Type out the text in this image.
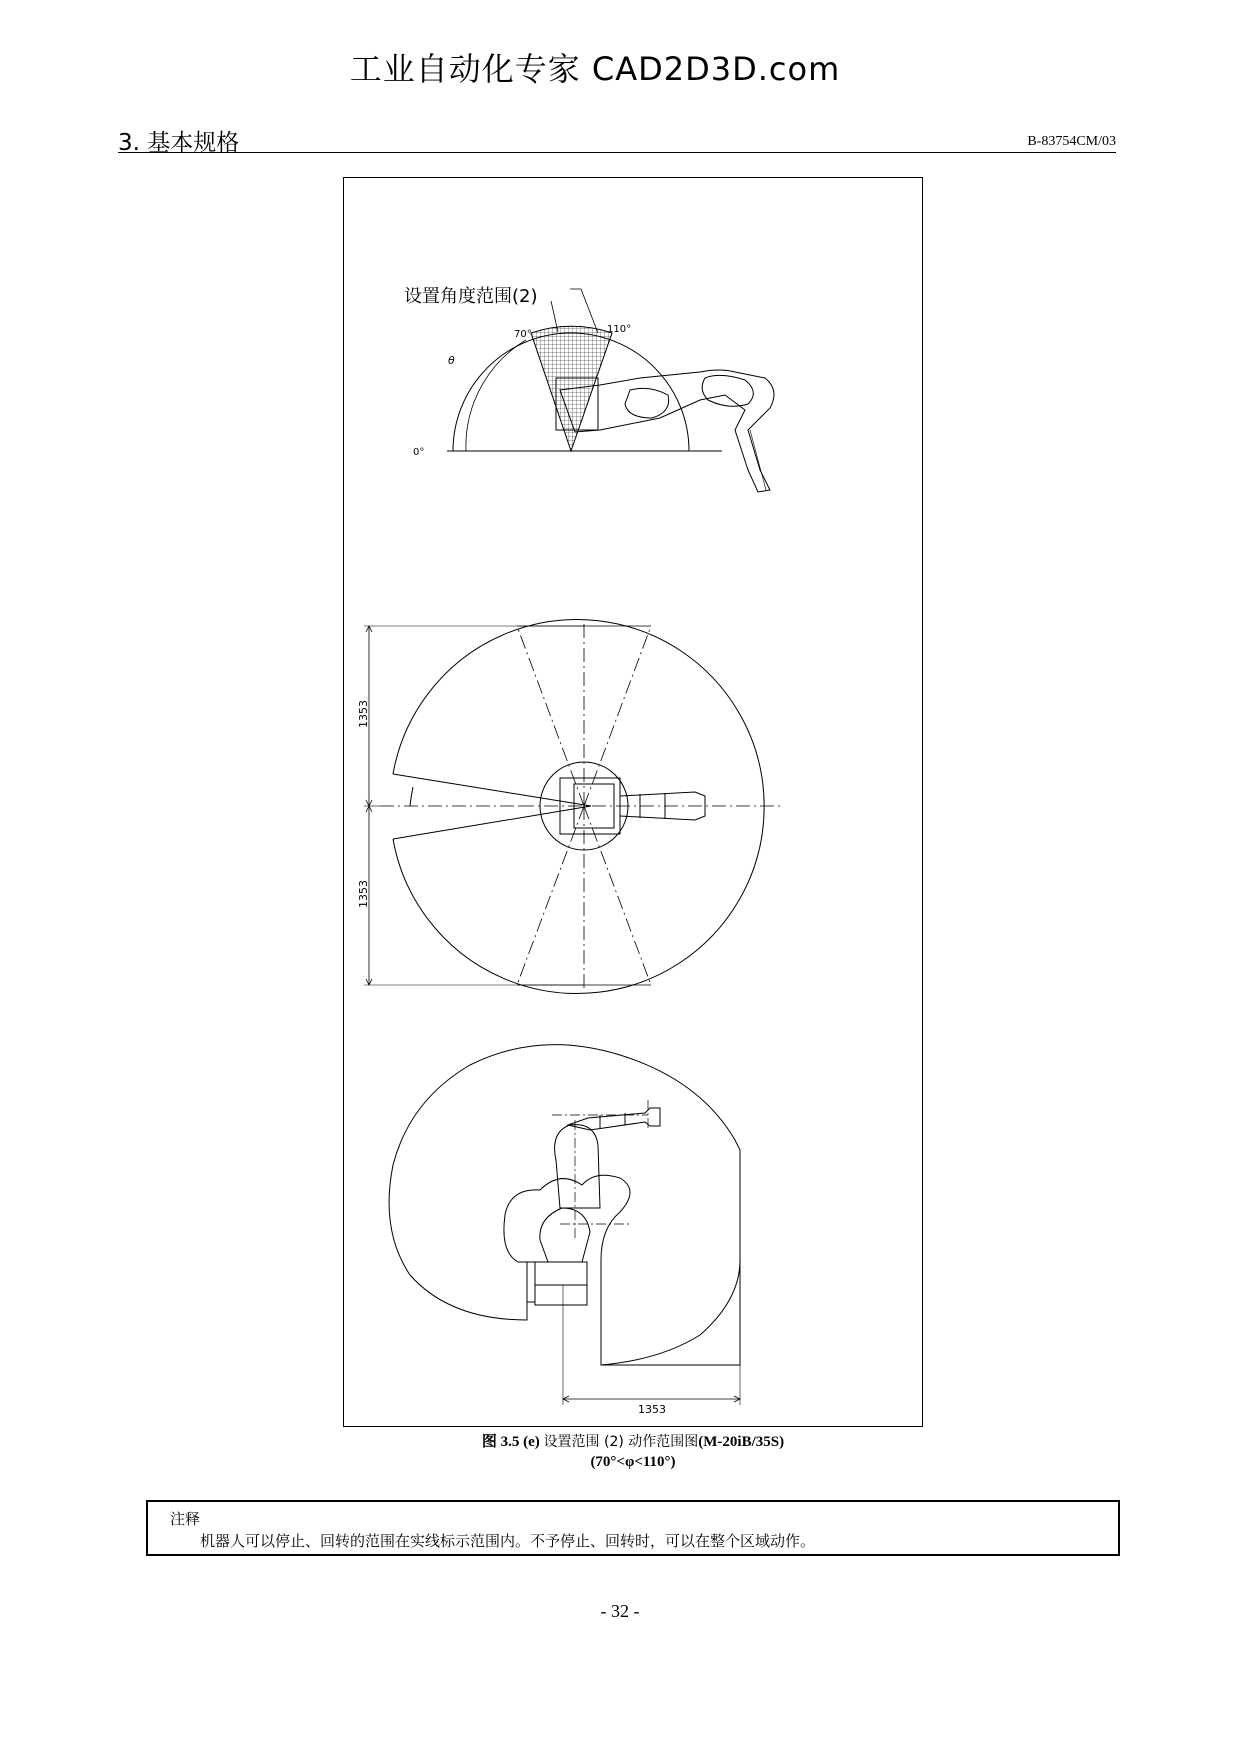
工业自动化专家 CAD2D3D.com
3. 基本规格	B-83754CM/03
1353
1353
1353
设置角度范围(2)
70°	110°
0°
θ
图 3.5 (e) 设置范围 (2) 动作范围图(M-20iB/35S)
(70°<φ<110°)
注释
机器人可以停止、回转的范围在实线标示范围内。不予停止、回转时，可以在整个区域动作。
- 32 -
